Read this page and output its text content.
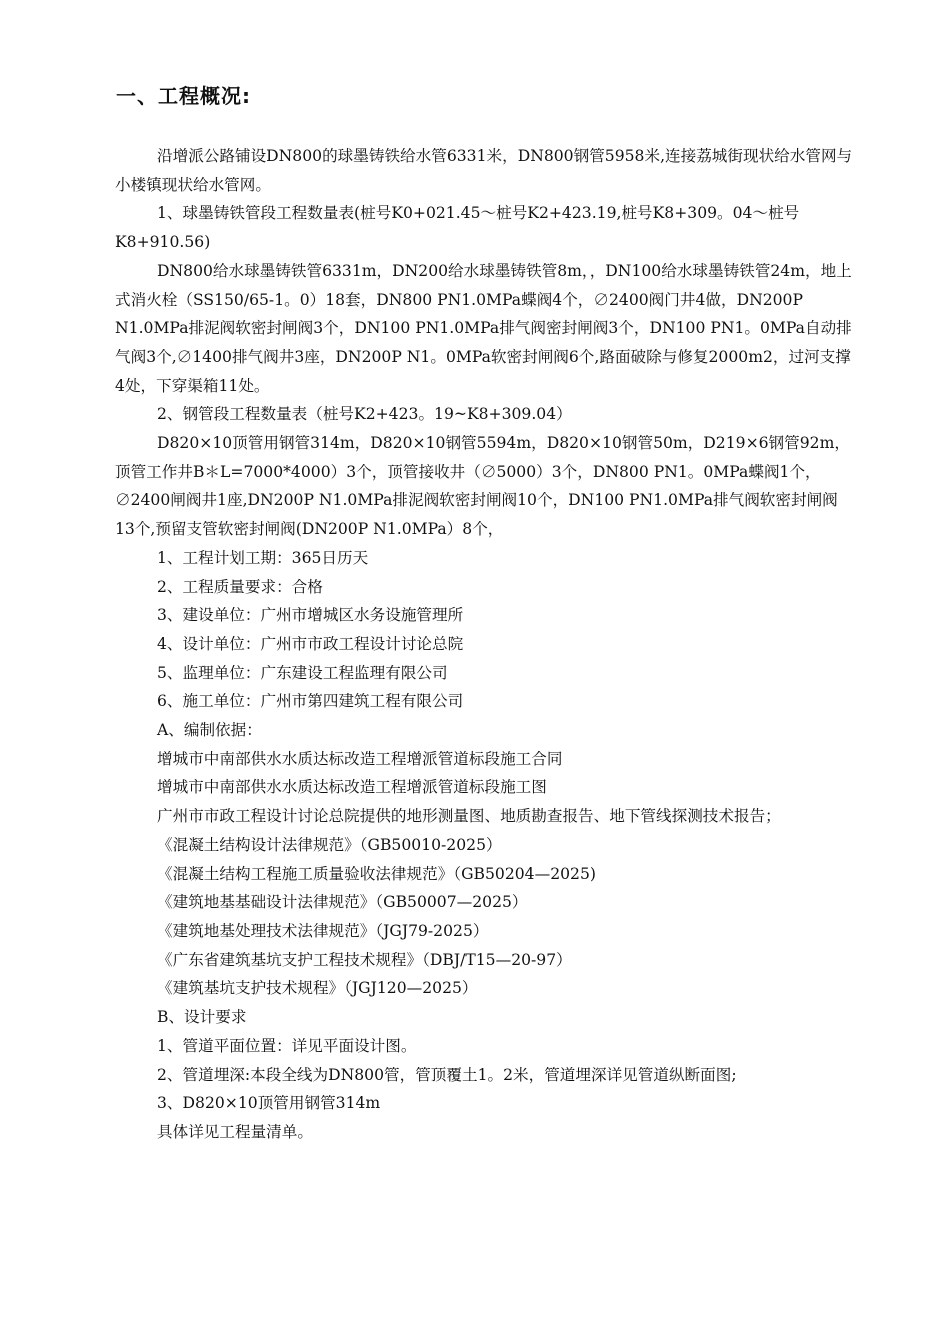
一、工程概况:

沿增派公路铺设DN800的球墨铸铁给水管6331米，DN800钢管5958米,连接荔城街现状给水管网与小楼镇现状给水管网。

1、球墨铸铁管段工程数量表(桩号K0+021.45～桩号K2+423.19,桩号K8+309。04～桩号K8+910.56)

DN800给水球墨铸铁管6331m，DN200给水球墨铸铁管8m，，DN100给水球墨铸铁管24m，地上式消火栓（SS150/65-1。0）18套，DN800 PN1.0MPa蝶阀4个，∅2400阀门井4做，DN200P N1.0MPa排泥阀软密封闸阀3个，DN100 PN1.0MPa排气阀密封闸阀3个，DN100 PN1。0MPa自动排气阀3个,∅1400排气阀井3座，DN200P N1。0MPa软密封闸阀6个,路面破除与修复2000m2，过河支撑4处，下穿渠箱11处。

2、钢管段工程数量表（桩号K2+423。19~K8+309.04）

D820×10顶管用钢管314m，D820×10钢管5594m，D820×10钢管50m，D219×6钢管92m，顶管工作井B＊L=7000*4000）3个，顶管接收井（∅5000）3个，DN800 PN1。0MPa蝶阀1个，∅2400闸阀井1座,DN200P N1.0MPa排泥阀软密封闸阀10个，DN100 PN1.0MPa排气阀软密封闸阀13个,预留支管软密封闸阀(DN200P N1.0MPa）8个，

1、工程计划工期：365日历天

2、工程质量要求：合格

3、建设单位：广州市增城区水务设施管理所

4、设计单位：广州市市政工程设计讨论总院

5、监理单位：广东建设工程监理有限公司

6、施工单位：广州市第四建筑工程有限公司

A、编制依据：

增城市中南部供水水质达标改造工程增派管道标段施工合同

增城市中南部供水水质达标改造工程增派管道标段施工图

广州市市政工程设计讨论总院提供的地形测量图、地质勘查报告、地下管线探测技术报告；

《混凝土结构设计法律规范》（GB50010-2025）

《混凝土结构工程施工质量验收法律规范》（GB50204—2025)

《建筑地基基础设计法律规范》（GB50007—2025）

《建筑地基处理技术法律规范》（JGJ79-2025）

《广东省建筑基坑支护工程技术规程》（DBJ/T15—20-97）

《建筑基坑支护技术规程》（JGJ120—2025）

B、设计要求

1、管道平面位置：详见平面设计图。

2、管道埋深:本段全线为DN800管，管顶覆土1。2米，管道埋深详见管道纵断面图;

3、D820×10顶管用钢管314m

具体详见工程量清单。
